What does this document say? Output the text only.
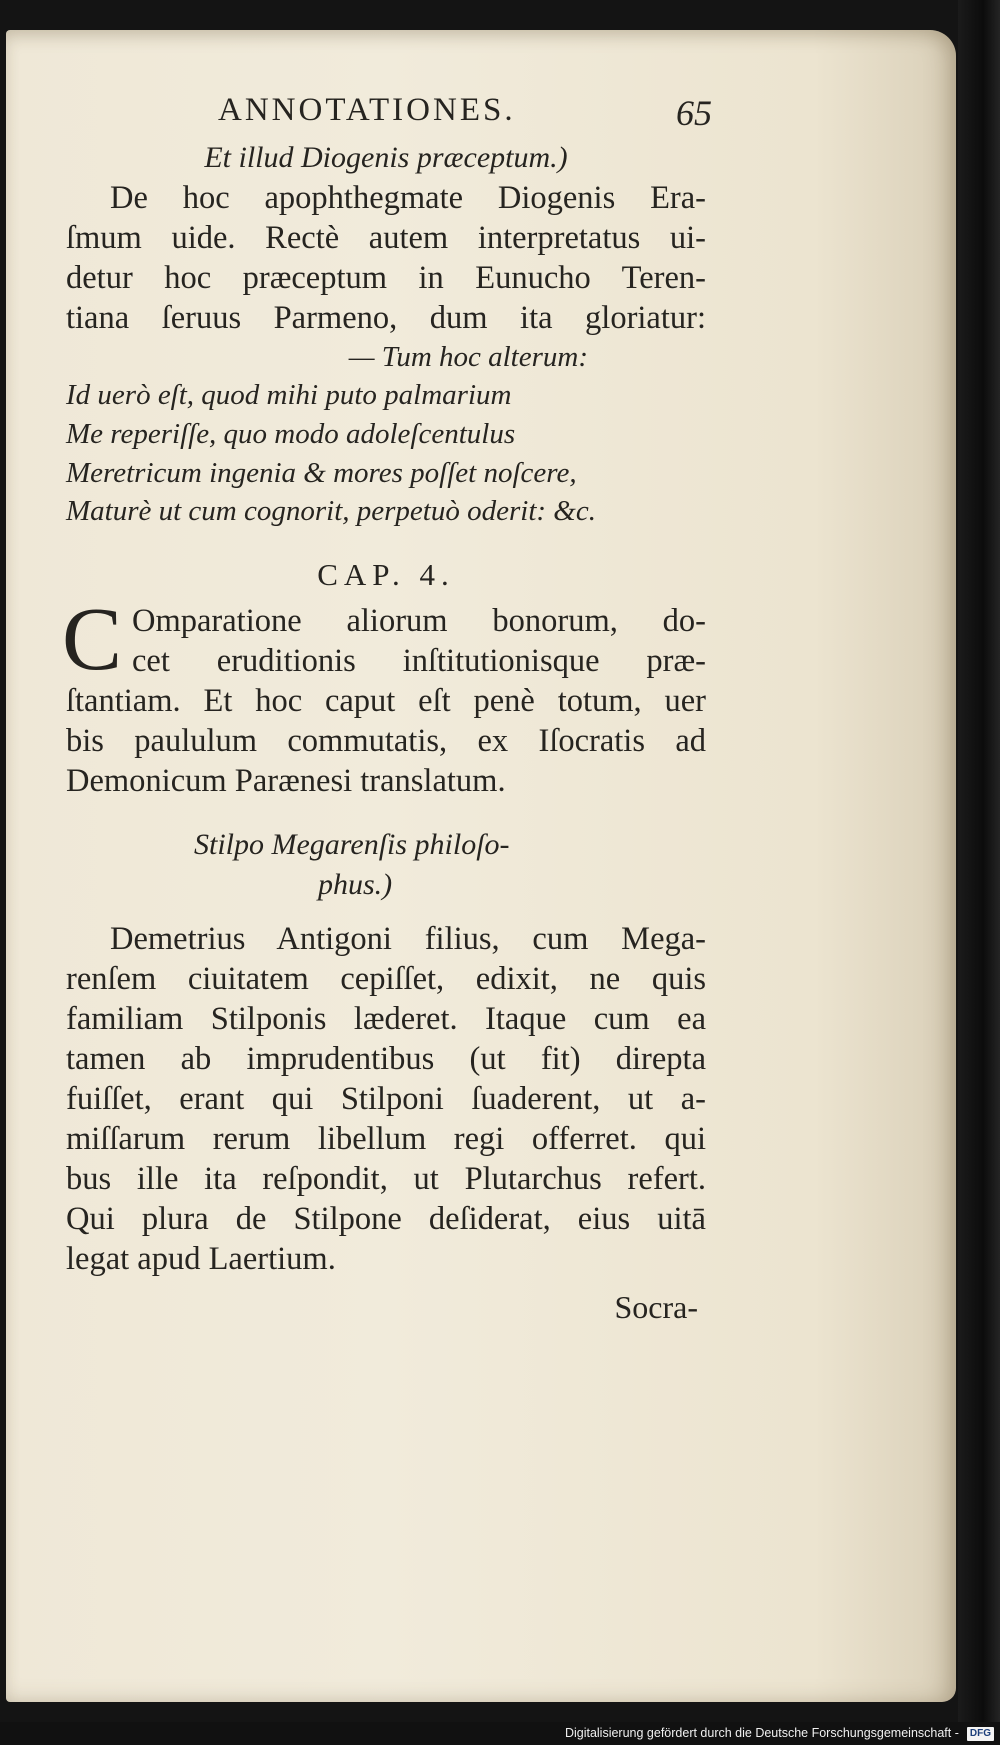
ANNOTATIONES.	65
Et illud Diogenis præceptum.)
De hoc apophthegmate Diogenis Era-
ſmum uide. Rectè autem interpretatus ui-
detur hoc præceptum in Eunucho Teren-
tiana ſeruus Parmeno, dum ita gloriatur:
— Tum hoc alterum:
Id uerò eſt, quod mihi puto palmarium
Me reperiſſe, quo modo adoleſcentulus
Meretricum ingenia & mores poſſet noſcere,
Maturè ut cum cognorit, perpetuò oderit: &c.
CAP. 4.
C Omparatione aliorum bonorum, do-
cet eruditionis inſtitutionisque præ-
ſtantiam. Et hoc caput eſt penè totum, uer
bis paululum commutatis, ex Iſocratis ad
Demonicum Parænesi translatum.
Stilpo Megarenſis philoſo-
phus.)
Demetrius Antigoni filius, cum Mega-
renſem ciuitatem cepiſſet, edixit, ne quis
familiam Stilponis læderet. Itaque cum ea
tamen ab imprudentibus (ut fit) direpta
fuiſſet, erant qui Stilponi ſuaderent, ut a-
miſſarum rerum libellum regi offerret. qui
bus ille ita reſpondit, ut Plutarchus refert.
Qui plura de Stilpone deſiderat, eius uitā
legat apud Laertium.
Socra-
Digitalisierung gefördert durch die Deutsche Forschungsgemeinschaft - DFG
